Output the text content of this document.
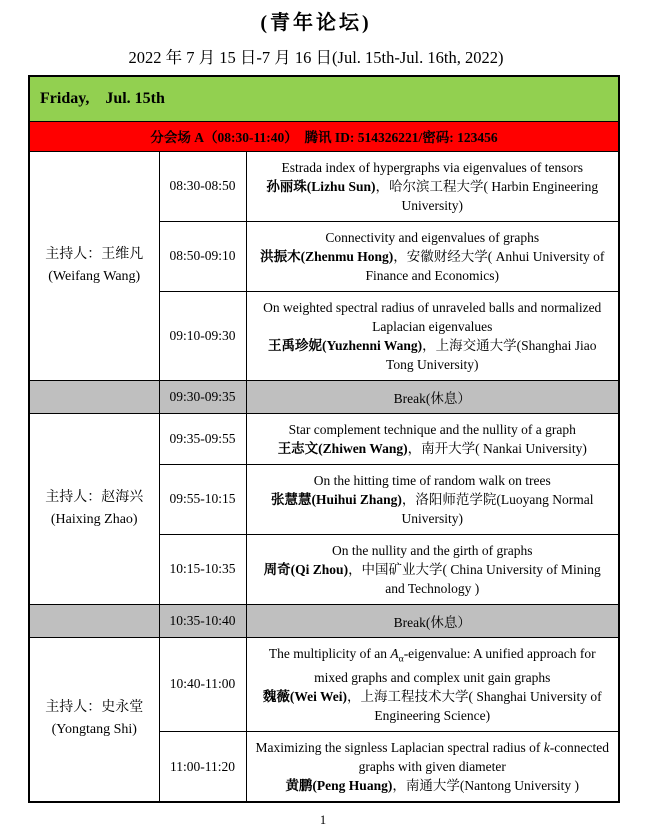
(青年论坛)
2022 年 7 月 15 日-7 月 16 日(Jul. 15th-Jul. 16th, 2022)
Friday,    Jul. 15th		
分会场 A（08:30-11:40）  腾讯 ID: 514326221/密码: 123456		

主持人：王维凡
(Weifang Wang)
	08:30-08:50	
Estrada index of hypergraphs via eigenvalues of tensors
孙丽珠(Lizhu Sun)，哈尔滨工程大学( Harbin Engineering University)

	08:50-09:10	Connectivity and eigenvalues of graphs
洪振木(Zhenmu Hong)，安徽财经大学( Anhui University of Finance and Economics)

	09:10-09:30	On weighted spectral radius of unraveled balls and normalized Laplacian eigenvalues
王禹珍妮(Yuzhenni Wang)，上海交通大学(Shanghai Jiao Tong University)

	09:30-09:35	Break(休息）

主持人：赵海兴
(Haixing Zhao)
	09:35-09:55	
Star complement technique and the nullity of a graph
王志文(Zhiwen Wang)，南开大学( Nankai University)

	09:55-10:15	On the hitting time of random walk on trees
张慧慧(Huihui Zhang)，洛阳师范学院(Luoyang Normal University)

	10:15-10:35	On the nullity and the girth of graphs
周奇(Qi Zhou)，中国矿业大学( China University of Mining and Technology )

	10:35-10:40	Break(休息）

主持人：史永堂
(Yongtang Shi)
	10:40-11:00	
The multiplicity of an $A_\alpha$-eigenvalue: A unified approach for mixed graphs and complex unit gain graphs
魏薇(Wei Wei)，上海工程技术大学( Shanghai University of Engineering Science)

	11:00-11:20	Maximizing the signless Laplacian spectral radius of k-connected graphs with given diameter
黄鹏(Peng Huang)，南通大学(Nantong University )
1
